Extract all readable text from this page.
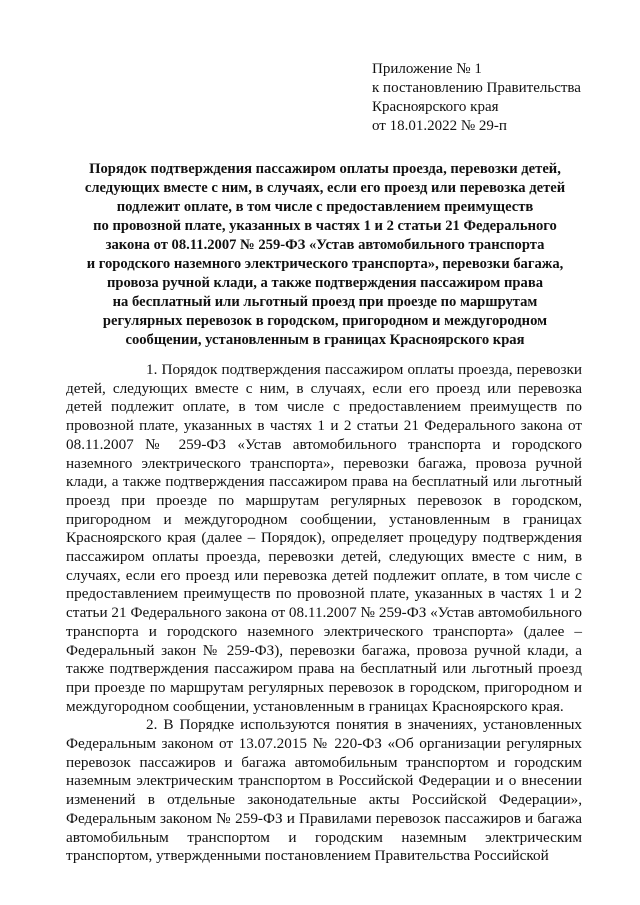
Приложение № 1
к постановлению Правительства
Красноярского края
от 18.01.2022 № 29-п
Порядок подтверждения пассажиром оплаты проезда, перевозки детей,
следующих вместе с ним, в случаях, если его проезд или перевозка детей
подлежит оплате, в том числе с предоставлением преимуществ
по провозной плате, указанных в частях 1 и 2 статьи 21 Федерального
закона от 08.11.2007 № 259-ФЗ «Устав автомобильного транспорта
и городского наземного электрического транспорта», перевозки багажа,
провоза ручной клади, а также подтверждения пассажиром права
на бесплатный или льготный проезд при проезде по маршрутам
регулярных перевозок в городском, пригородном и междугородном
сообщении, установленным в границах Красноярского края

1. Порядок подтверждения пассажиром оплаты проезда, перевозки детей, следующих вместе с ним, в случаях, если его проезд или перевозка детей подлежит оплате, в том числе с предоставлением преимуществ по провозной плате, указанных в частях 1 и 2 статьи 21 Федерального закона от 08.11.2007 № 259-ФЗ «Устав автомобильного транспорта и городского наземного электрического транспорта», перевозки багажа, провоза ручной клади, а также подтверждения пассажиром права на бесплатный или льготный проезд при проезде по маршрутам регулярных перевозок в городском, пригородном и междугородном сообщении, установленным в границах Красноярского края (далее – Порядок), определяет процедуру подтверждения пассажиром оплаты проезда, перевозки детей, следующих вместе с ним, в случаях, если его проезд или перевозка детей подлежит оплате, в том числе с предоставлением преимуществ по провозной плате, указанных в частях 1 и 2 статьи 21 Федерального закона от 08.11.2007 № 259-ФЗ «Устав автомобильного транспорта и городского наземного электрического транспорта» (далее – Федеральный закон № 259-ФЗ), перевозки багажа, провоза ручной клади, а также подтверждения пассажиром права на бесплатный или льготный проезд при проезде по маршрутам регулярных перевозок в городском, пригородном и междугородном сообщении, установленным в границах Красноярского края.

2. В Порядке используются понятия в значениях, установленных Федеральным законом от 13.07.2015 № 220-ФЗ «Об организации регулярных перевозок пассажиров и багажа автомобильным транспортом и городским наземным электрическим транспортом в Российской Федерации и о внесении изменений в отдельные законодательные акты Российской Федерации», Федеральным законом № 259-ФЗ и Правилами перевозок пассажиров и багажа автомобильным транспортом и городским наземным электрическим транспортом, утвержденными постановлением Правительства Российской
